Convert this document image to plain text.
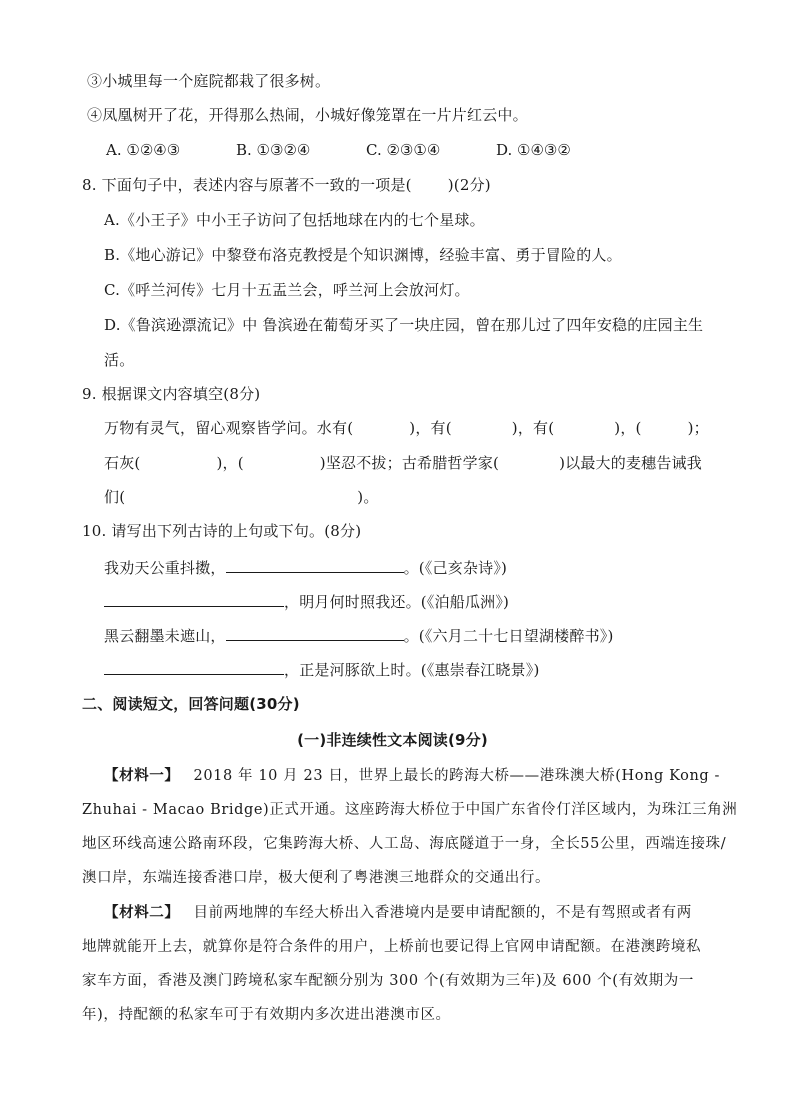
③小城里每一个庭院都栽了很多树。
④凤凰树开了花，开得那么热闹，小城好像笼罩在一片片红云中。
A. ①②④③	B. ①③②④	C. ②③①④	D. ①④③②
8. 下面句子中，表述内容与原著不一致的一项是( )(2分)
A.《小王子》中小王子访问了包括地球在内的七个星球。
B.《地心游记》中黎登布洛克教授是个知识渊博，经验丰富、勇于冒险的人。
C.《呼兰河传》七月十五盂兰会，呼兰河上会放河灯。
D.《鲁滨逊漂流记》中 鲁滨逊在葡萄牙买了一块庄园，曾在那儿过了四年安稳的庄园主生
活。
9. 根据课文内容填空(8分)
万物有灵气，留心观察皆学问。水有(	)，有(	)，有(	)，(	)；
石灰(	)，(	)坚忍不拔；古希腊哲学家(	)以最大的麦穗告诫我
们(	)。
10. 请写出下列古诗的上句或下句。(8分)
我劝天公重抖擞，	。(《己亥杂诗》)
，明月何时照我还。(《泊船瓜洲》)
黑云翻墨未遮山，	。(《六月二十七日望湖楼醉书》)
，正是河豚欲上时。(《惠崇春江晓景》)
二、阅读短文，回答问题(30分)
(一)非连续性文本阅读(9分)
【材料一】 2018 年 10 月 23 日，世界上最长的跨海大桥——港珠澳大桥(Hong Kong -
Zhuhai - Macao Bridge)正式开通。这座跨海大桥位于中国广东省伶仃洋区域内，为珠江三角洲
地区环线高速公路南环段，它集跨海大桥、人工岛、海底隧道于一身，全长55公里，西端连接珠/
澳口岸，东端连接香港口岸，极大便利了粤港澳三地群众的交通出行。
【材料二】 目前两地牌的车经大桥出入香港境内是要申请配额的，不是有驾照或者有两
地牌就能开上去，就算你是符合条件的用户，上桥前也要记得上官网申请配额。在港澳跨境私
家车方面，香港及澳门跨境私家车配额分别为 300 个(有效期为三年)及 600 个(有效期为一
年)，持配额的私家车可于有效期内多次进出港澳市区。
